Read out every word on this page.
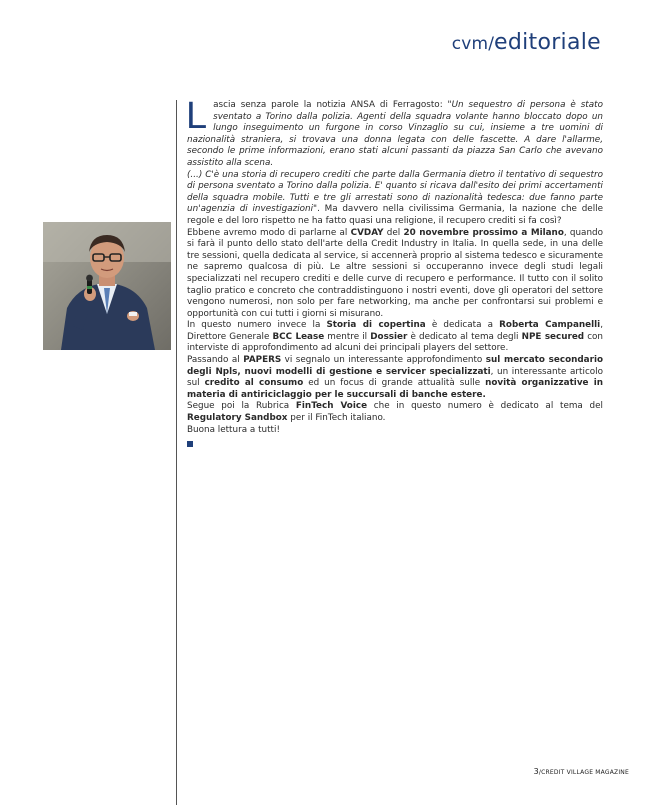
cvm/editoriale

Lascia senza parole la notizia ANSA di Ferragosto: "Un sequestro di persona è stato sventato a Torino dalla polizia. Agenti della squadra volante hanno bloccato dopo un lungo inseguimento un furgone in corso Vinzaglio su cui, insieme a tre uomini di nazionalità straniera, si trovava una donna legata con delle fascette. A dare l'allarme, secondo le prime informazioni, erano stati alcuni passanti da piazza San Carlo che avevano assistito alla scena.

(...) C'è una storia di recupero crediti che parte dalla Germania dietro il tentativo di sequestro di persona sventato a Torino dalla polizia. E' quanto si ricava dall'esito dei primi accertamenti della squadra mobile. Tutti e tre gli arrestati sono di nazionalità tedesca: due fanno parte un'agenzia di investigazioni". Ma davvero nella civilissima Germania, la nazione che delle regole e del loro rispetto ne ha fatto quasi una religione, il recupero crediti si fa così?

Ebbene avremo modo di parlarne al CVDAY del 20 novembre prossimo a Milano, quando si farà il punto dello stato dell'arte della Credit Industry in Italia. In quella sede, in una delle tre sessioni, quella dedicata al service, si accennerà proprio al sistema tedesco e sicuramente ne sapremo qualcosa di più. Le altre sessioni si occuperanno invece degli studi legali specializzati nel recupero crediti e delle curve di recupero e performance. Il tutto con il solito taglio pratico e concreto che contraddistinguono i nostri eventi, dove gli operatori del settore vengono numerosi, non solo per fare networking, ma anche per confrontarsi sui problemi e opportunità con cui tutti i giorni si misurano.

In questo numero invece la Storia di copertina è dedicata a Roberta Campanelli, Direttore Generale BCC Lease mentre il Dossier è dedicato al tema degli NPE secured con interviste di approfondimento ad alcuni dei principali players del settore.

Passando al PAPERS vi segnalo un interessante approfondimento sul mercato secondario degli Npls, nuovi modelli di gestione e servicer specializzati, un interessante articolo sul credito al consumo ed un focus di grande attualità sulle novità organizzative in materia di antiriciclaggio per le succursali di banche estere.

Segue poi la Rubrica FinTech Voice che in questo numero è dedicato al tema del Regulatory Sandbox per il FinTech italiano.

Buona lettura a tutti!

3/CREDIT VILLAGE MAGAZINE
